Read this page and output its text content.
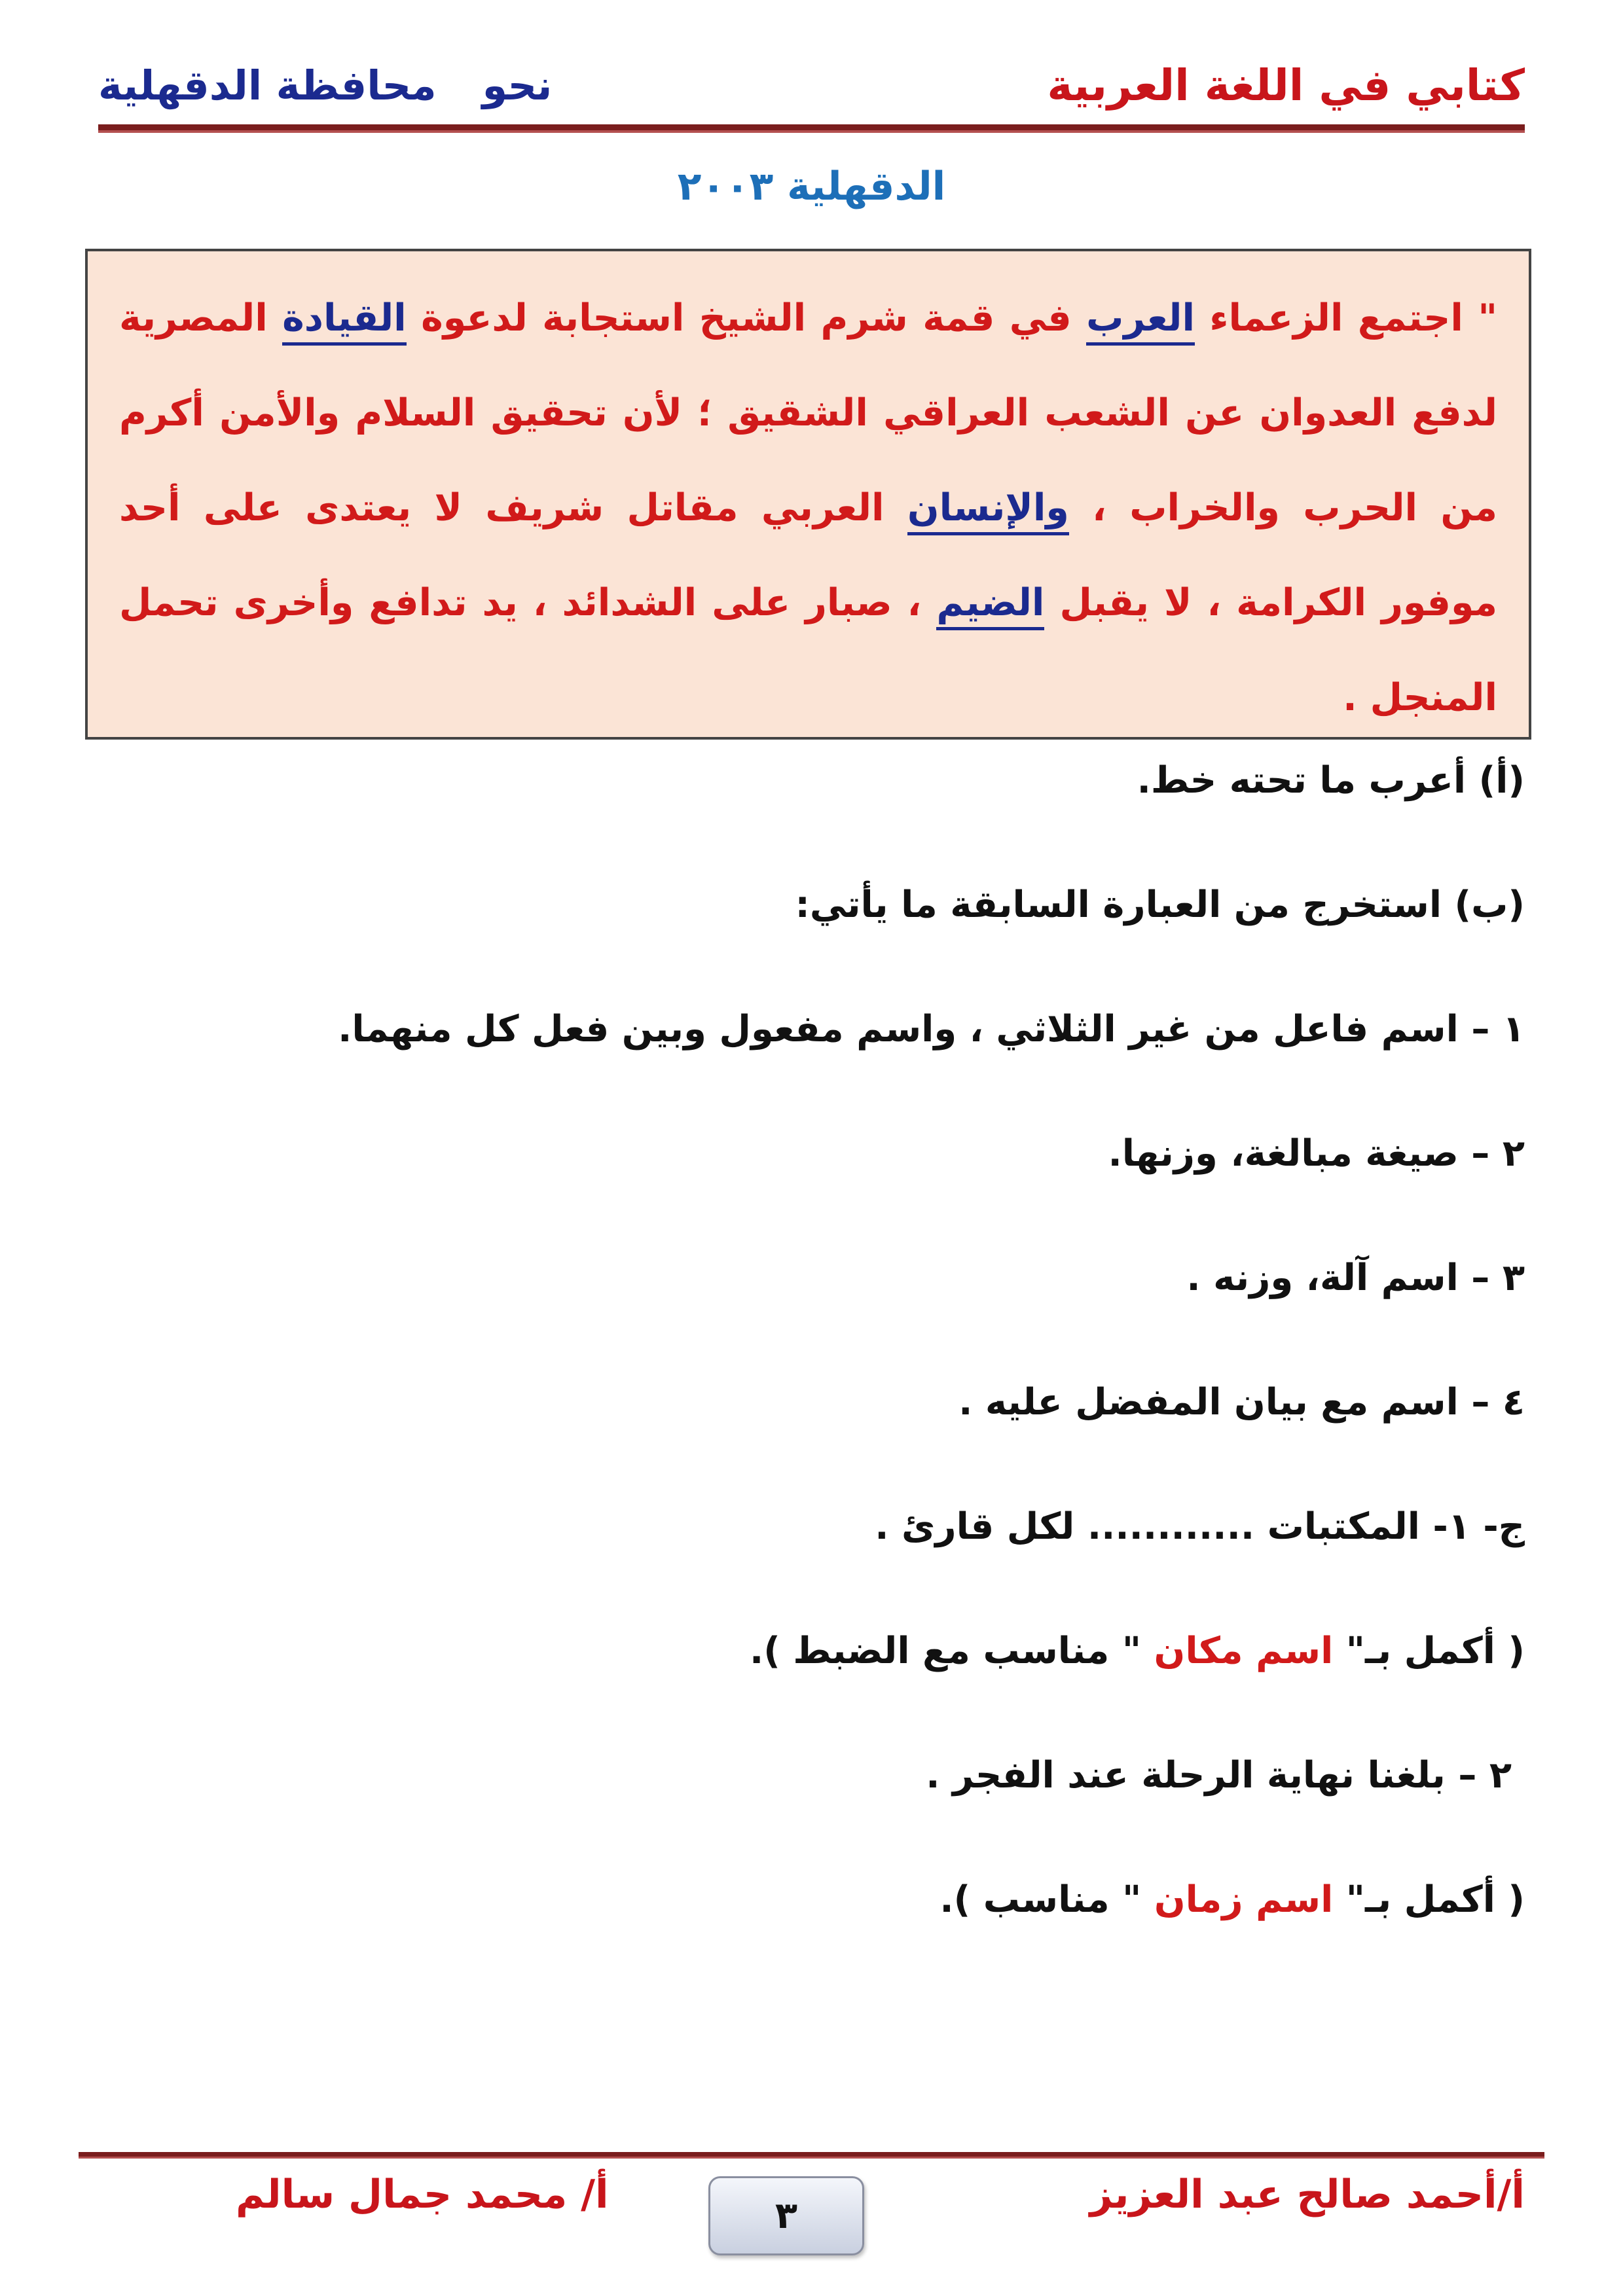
كتابي في اللغة العربية
نحو
محافظة الدقهلية
الدقهلية ٢٠٠٣
" اجتمع الزعماء العرب في قمة شرم الشيخ استجابة لدعوة القيادة المصرية لدفع العدوان عن الشعب العراقي الشقيق ؛ لأن تحقيق السلام والأمن أكرم من الحرب والخراب ، والإنسان العربي مقاتل شريف لا يعتدى على أحد موفور الكرامة ، لا يقبل الضيم ، صبار على الشدائد ، يد تدافع وأخرى تحمل المنجل .
(أ) أعرب ما تحته خط.
(ب) استخرج من العبارة السابقة ما يأتي:
١ – اسم فاعل من غير الثلاثي ، واسم مفعول وبين فعل كل منهما.
٢ – صيغة مبالغة، وزنها.
٣ – اسم آلة، وزنه .
٤ – اسم مع بيان المفضل عليه .
ج- ١- المكتبات ............ لكل قارئ .
( أكمل بـ" اسم مكان " مناسب مع الضبط ).
٢ – بلغنا نهاية الرحلة عند الفجر .
( أكمل بـ" اسم زمان " مناسب ).
أ/أحمد صالح عبد العزيز
٣
أ/ محمد جمال سالم
